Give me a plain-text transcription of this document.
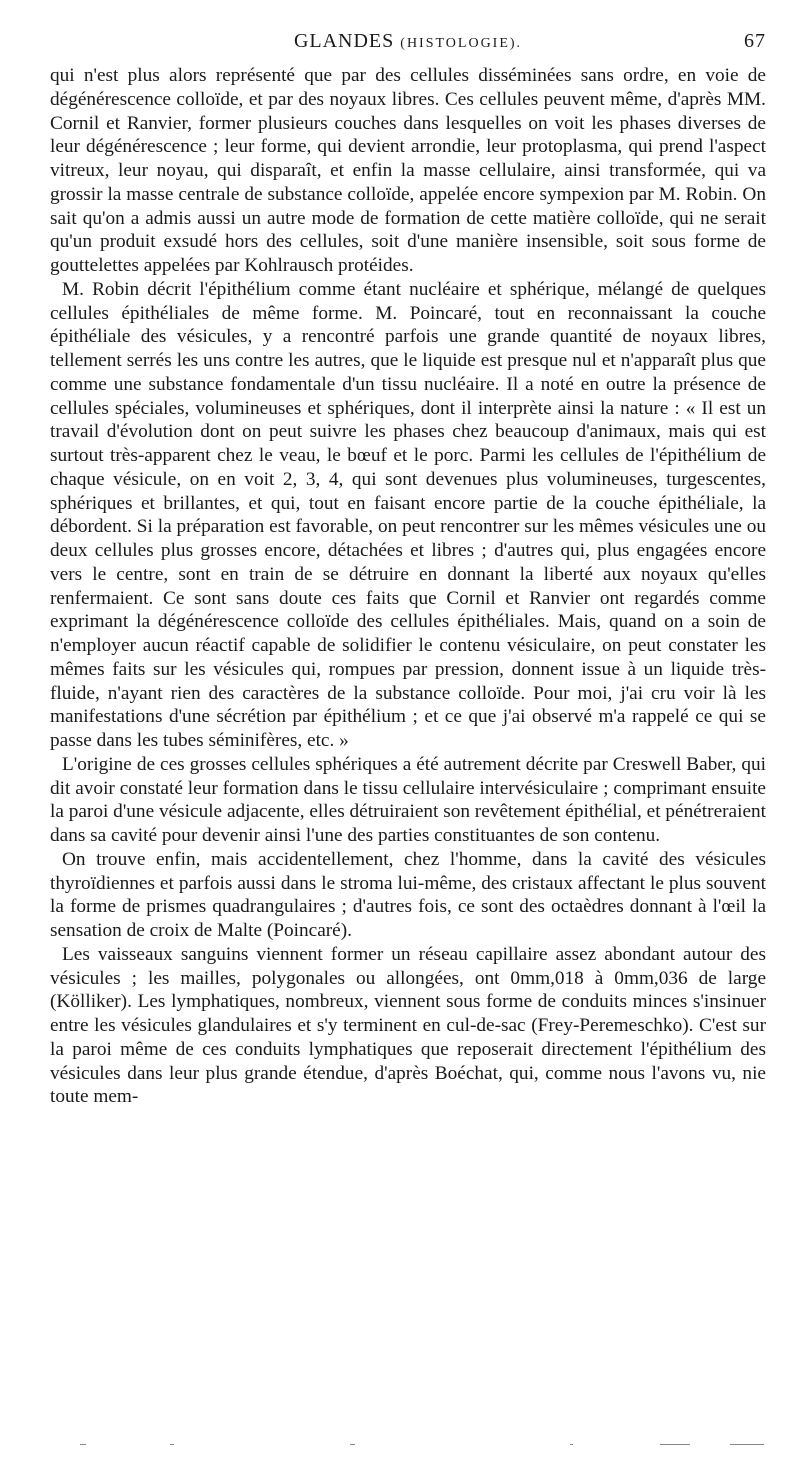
GLANDES (HISTOLOGIE).	67

qui n'est plus alors représenté que par des cellules disséminées sans ordre, en voie de dégénérescence colloïde, et par des noyaux libres. Ces cellules peuvent même, d'après MM. Cornil et Ranvier, former plusieurs couches dans lesquelles on voit les phases diverses de leur dégénérescence ; leur forme, qui devient arrondie, leur protoplasma, qui prend l'aspect vitreux, leur noyau, qui disparaît, et enfin la masse cellulaire, ainsi transformée, qui va grossir la masse centrale de substance colloïde, appelée encore sympexion par M. Robin. On sait qu'on a admis aussi un autre mode de formation de cette matière colloïde, qui ne serait qu'un produit exsudé hors des cellules, soit d'une manière insensible, soit sous forme de gouttelettes appelées par Kohlrausch protéides.

M. Robin décrit l'épithélium comme étant nucléaire et sphérique, mélangé de quelques cellules épithéliales de même forme. M. Poincaré, tout en reconnaissant la couche épithéliale des vésicules, y a rencontré parfois une grande quantité de noyaux libres, tellement serrés les uns contre les autres, que le liquide est presque nul et n'apparaît plus que comme une substance fondamentale d'un tissu nucléaire. Il a noté en outre la présence de cellules spéciales, volumineuses et sphériques, dont il interprète ainsi la nature : « Il est un travail d'évolution dont on peut suivre les phases chez beaucoup d'animaux, mais qui est surtout très-apparent chez le veau, le bœuf et le porc. Parmi les cellules de l'épithélium de chaque vésicule, on en voit 2, 3, 4, qui sont devenues plus volumineuses, turgescentes, sphériques et brillantes, et qui, tout en faisant encore partie de la couche épithéliale, la débordent. Si la préparation est favorable, on peut rencontrer sur les mêmes vésicules une ou deux cellules plus grosses encore, détachées et libres ; d'autres qui, plus engagées encore vers le centre, sont en train de se détruire en donnant la liberté aux noyaux qu'elles renfermaient. Ce sont sans doute ces faits que Cornil et Ranvier ont regardés comme exprimant la dégénérescence colloïde des cellules épithéliales. Mais, quand on a soin de n'employer aucun réactif capable de solidifier le contenu vésiculaire, on peut constater les mêmes faits sur les vésicules qui, rompues par pression, donnent issue à un liquide très-fluide, n'ayant rien des caractères de la substance colloïde. Pour moi, j'ai cru voir là les manifestations d'une sécrétion par épithélium ; et ce que j'ai observé m'a rappelé ce qui se passe dans les tubes séminifères, etc. »

L'origine de ces grosses cellules sphériques a été autrement décrite par Creswell Baber, qui dit avoir constaté leur formation dans le tissu cellulaire intervésiculaire ; comprimant ensuite la paroi d'une vésicule adjacente, elles détruiraient son revêtement épithélial, et pénétreraient dans sa cavité pour devenir ainsi l'une des parties constituantes de son contenu.

On trouve enfin, mais accidentellement, chez l'homme, dans la cavité des vésicules thyroïdiennes et parfois aussi dans le stroma lui-même, des cristaux affectant le plus souvent la forme de prismes quadrangulaires ; d'autres fois, ce sont des octaèdres donnant à l'œil la sensation de croix de Malte (Poincaré).

Les vaisseaux sanguins viennent former un réseau capillaire assez abondant autour des vésicules ; les mailles, polygonales ou allongées, ont 0mm,018 à 0mm,036 de large (Kölliker). Les lymphatiques, nombreux, viennent sous forme de conduits minces s'insinuer entre les vésicules glandulaires et s'y terminent en cul-de-sac (Frey-Peremeschko). C'est sur la paroi même de ces conduits lymphatiques que reposerait directement l'épithélium des vésicules dans leur plus grande étendue, d'après Boéchat, qui, comme nous l'avons vu, nie toute mem-
